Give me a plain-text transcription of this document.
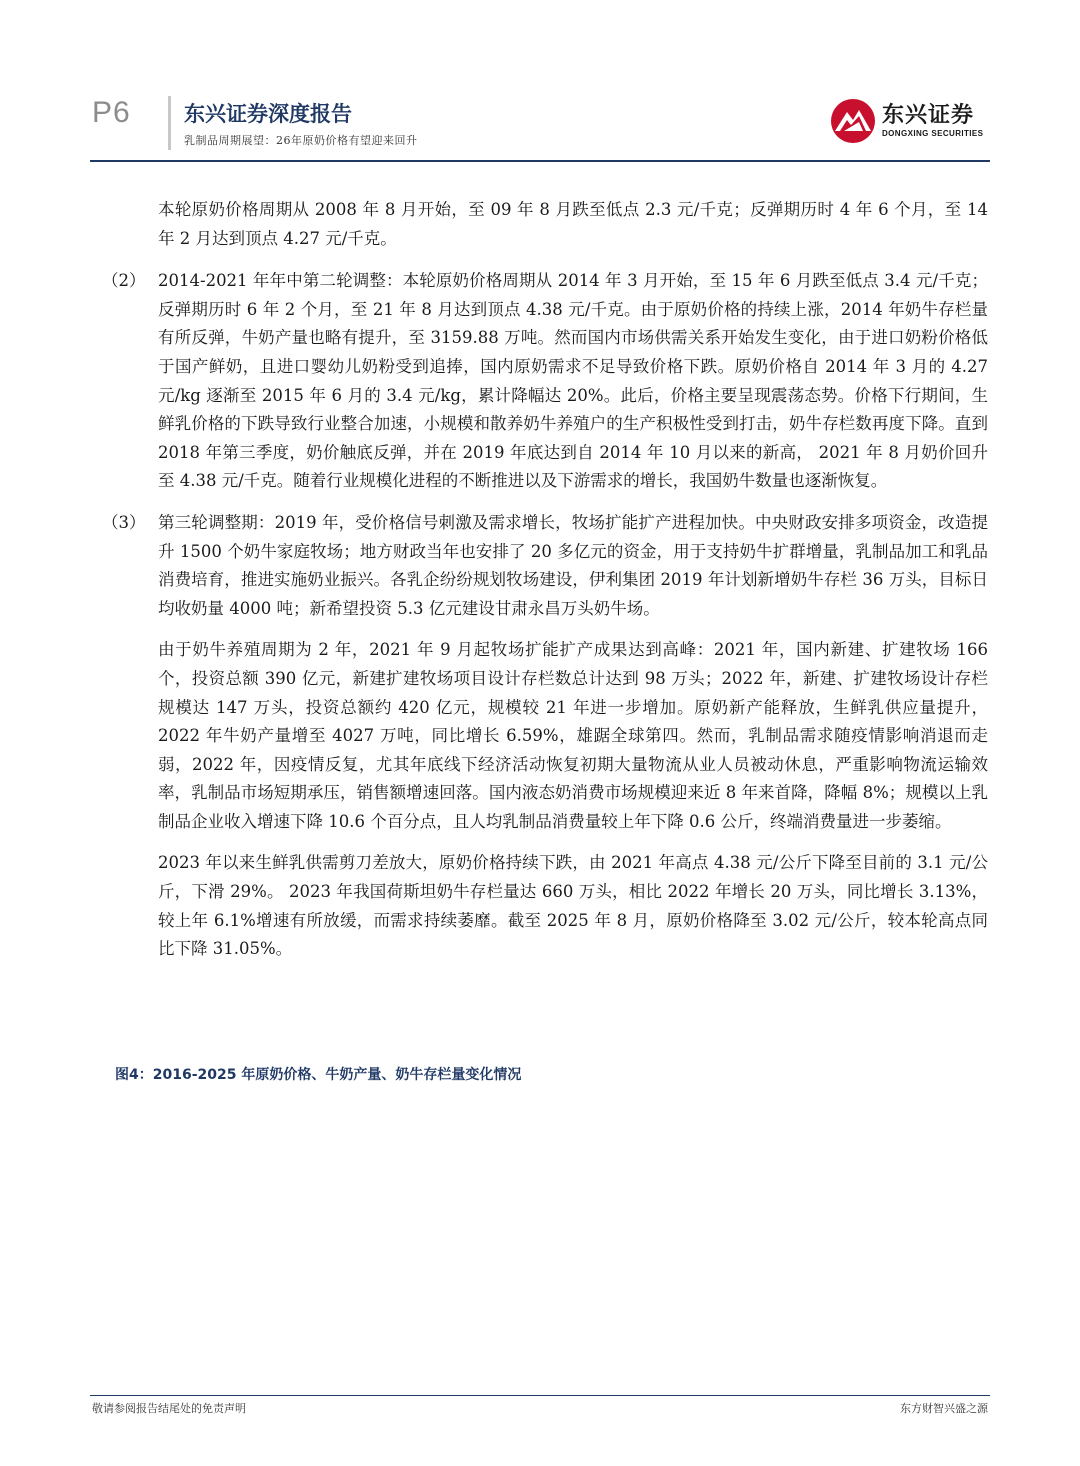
P6	东兴证券深度报告
乳制品周期展望：26年原奶价格有望迎来回升
东兴证券
DONGXING SECURITIES

本轮原奶价格周期从 2008 年 8 月开始，至 09 年 8 月跌至低点 2.3 元/千克；反弹期历时 4 年 6 个月，至 14 年 2 月达到顶点 4.27 元/千克。

（2） 2014-2021 年年中第二轮调整：本轮原奶价格周期从 2014 年 3 月开始，至 15 年 6 月跌至低点 3.4 元/千克；反弹期历时 6 年 2 个月，至 21 年 8 月达到顶点 4.38 元/千克。由于原奶价格的持续上涨，2014 年奶牛存栏量有所反弹，牛奶产量也略有提升，至 3159.88 万吨。然而国内市场供需关系开始发生变化，由于进口奶粉价格低于国产鲜奶，且进口婴幼儿奶粉受到追捧，国内原奶需求不足导致价格下跌。原奶价格自 2014 年 3 月的 4.27 元/kg 逐渐至 2015 年 6 月的 3.4 元/kg，累计降幅达 20%。此后，价格主要呈现震荡态势。价格下行期间，生鲜乳价格的下跌导致行业整合加速，小规模和散养奶牛养殖户的生产积极性受到打击，奶牛存栏数再度下降。直到 2018 年第三季度，奶价触底反弹，并在 2019 年底达到自 2014 年 10 月以来的新高， 2021 年 8 月奶价回升至 4.38 元/千克。随着行业规模化进程的不断推进以及下游需求的增长，我国奶牛数量也逐渐恢复。
（3） 第三轮调整期：2019 年，受价格信号刺激及需求增长，牧场扩能扩产进程加快。中央财政安排多项资金，改造提升 1500 个奶牛家庭牧场；地方财政当年也安排了 20 多亿元的资金，用于支持奶牛扩群增量，乳制品加工和乳品消费培育，推进实施奶业振兴。各乳企纷纷规划牧场建设，伊利集团 2019 年计划新增奶牛存栏 36 万头，目标日均收奶量 4000 吨；新希望投资 5.3 亿元建设甘肃永昌万头奶牛场。

由于奶牛养殖周期为 2 年，2021 年 9 月起牧场扩能扩产成果达到高峰：2021 年，国内新建、扩建牧场 166 个，投资总额 390 亿元，新建扩建牧场项目设计存栏数总计达到 98 万头；2022 年，新建、扩建牧场设计存栏规模达 147 万头，投资总额约 420 亿元，规模较 21 年进一步增加。原奶新产能释放，生鲜乳供应量提升， 2022 年牛奶产量增至 4027 万吨，同比增长 6.59%，雄踞全球第四。然而，乳制品需求随疫情影响消退而走弱，2022 年，因疫情反复，尤其年底线下经济活动恢复初期大量物流从业人员被动休息，严重影响物流运输效率，乳制品市场短期承压，销售额增速回落。国内液态奶消费市场规模迎来近 8 年来首降，降幅 8%；规模以上乳制品企业收入增速下降 10.6 个百分点，且人均乳制品消费量较上年下降 0.6 公斤，终端消费量进一步萎缩。

2023 年以来生鲜乳供需剪刀差放大，原奶价格持续下跌，由 2021 年高点 4.38 元/公斤下降至目前的 3.1 元/公斤，下滑 29%。 2023 年我国荷斯坦奶牛存栏量达 660 万头，相比 2022 年增长 20 万头，同比增长 3.13%，较上年 6.1%增速有所放缓，而需求持续萎靡。截至 2025 年 8 月，原奶价格降至 3.02 元/公斤，较本轮高点同比下降 31.05%。

图4：2016-2025 年原奶价格、牛奶产量、奶牛存栏量变化情况
敬请参阅报告结尾处的免责声明	东方财智兴盛之源
